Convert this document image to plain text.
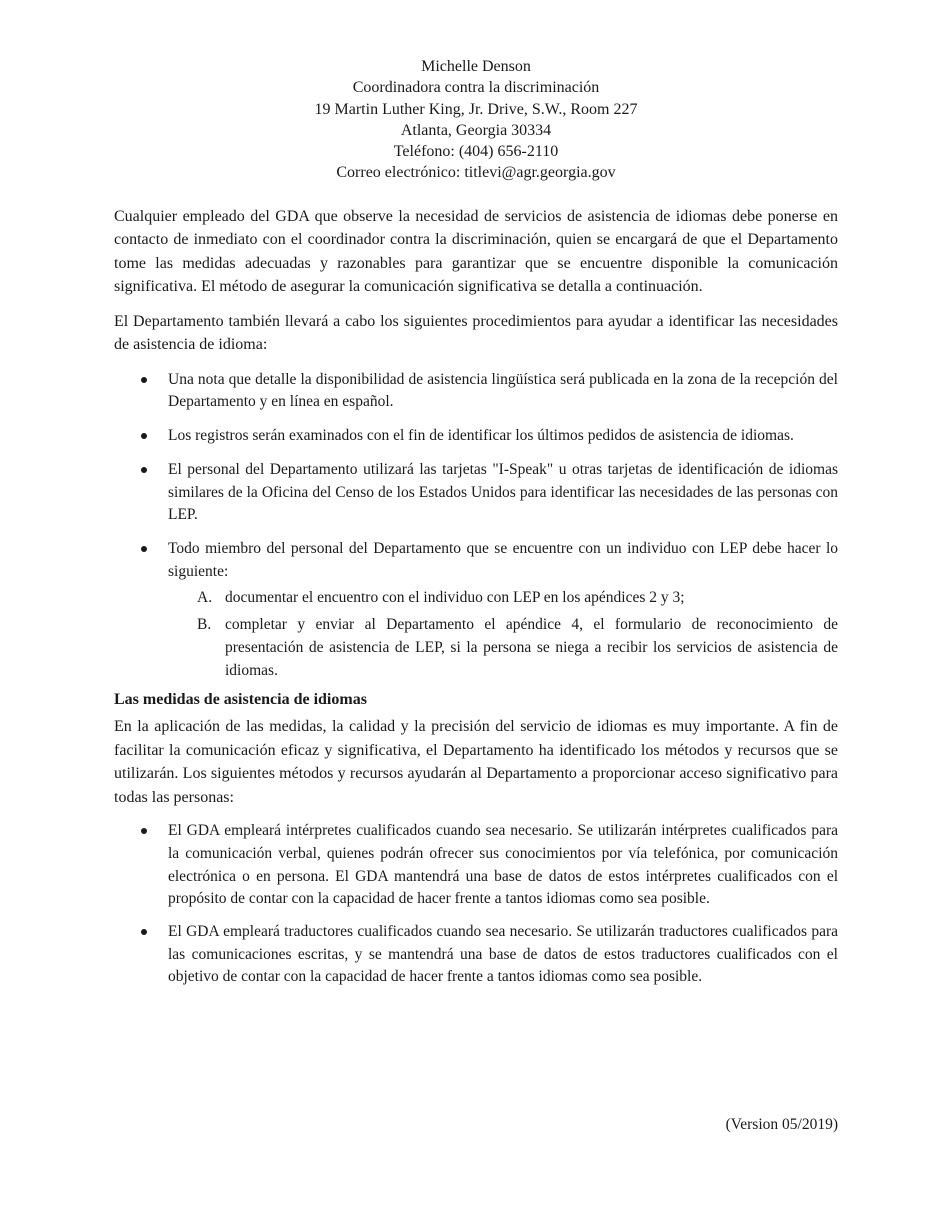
Michelle Denson
Coordinadora contra la discriminación
19 Martin Luther King, Jr. Drive, S.W., Room 227
Atlanta, Georgia 30334
Teléfono: (404) 656-2110
Correo electrónico: titlevi@agr.georgia.gov

Cualquier empleado del GDA que observe la necesidad de servicios de asistencia de idiomas debe ponerse en contacto de inmediato con el coordinador contra la discriminación, quien se encargará de que el Departamento tome las medidas adecuadas y razonables para garantizar que se encuentre disponible la comunicación significativa. El método de asegurar la comunicación significativa se detalla a continuación.

El Departamento también llevará a cabo los siguientes procedimientos para ayudar a identificar las necesidades de asistencia de idioma:

Una nota que detalle la disponibilidad de asistencia lingüística será publicada en la zona de la recepción del Departamento y en línea en español.
Los registros serán examinados con el fin de identificar los últimos pedidos de asistencia de idiomas.
El personal del Departamento utilizará las tarjetas "I-Speak" u otras tarjetas de identificación de idiomas similares de la Oficina del Censo de los Estados Unidos para identificar las necesidades de las personas con LEP.
Todo miembro del personal del Departamento que se encuentre con un individuo con LEP debe hacer lo siguiente:
A. documentar el encuentro con el individuo con LEP en los apéndices 2 y 3;
B. completar y enviar al Departamento el apéndice 4, el formulario de reconocimiento de presentación de asistencia de LEP, si la persona se niega a recibir los servicios de asistencia de idiomas.
Las medidas de asistencia de idiomas

En la aplicación de las medidas, la calidad y la precisión del servicio de idiomas es muy importante. A fin de facilitar la comunicación eficaz y significativa, el Departamento ha identificado los métodos y recursos que se utilizarán. Los siguientes métodos y recursos ayudarán al Departamento a proporcionar acceso significativo para todas las personas:

El GDA empleará intérpretes cualificados cuando sea necesario. Se utilizarán intérpretes cualificados para la comunicación verbal, quienes podrán ofrecer sus conocimientos por vía telefónica, por comunicación electrónica o en persona. El GDA mantendrá una base de datos de estos intérpretes cualificados con el propósito de contar con la capacidad de hacer frente a tantos idiomas como sea posible.
El GDA empleará traductores cualificados cuando sea necesario. Se utilizarán traductores cualificados para las comunicaciones escritas, y se mantendrá una base de datos de estos traductores cualificados con el objetivo de contar con la capacidad de hacer frente a tantos idiomas como sea posible.
(Version 05/2019)
